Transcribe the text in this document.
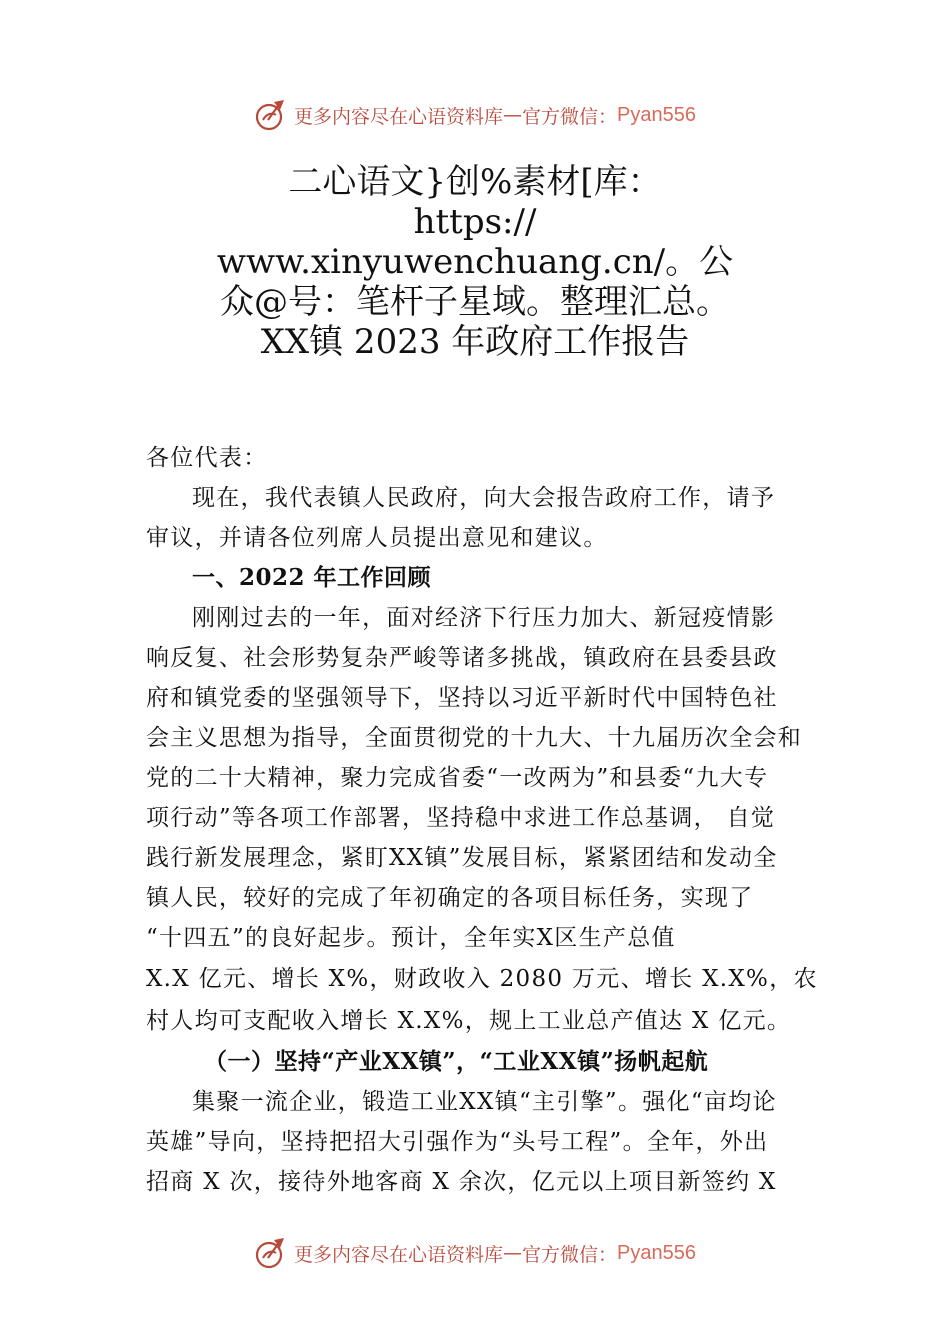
更多内容尽在心语资料库 — 官方微信： Pyan556
二心语文}创%素材[库：
https://
www.xinyuwenchuang.cn/。公
众@号：笔杆子星域。整理汇总。
XX镇 2023 年政府工作报告
各位代表：
现在，我代表镇人民政府，向大会报告政府工作，请予
审议，并请各位列席人员提出意见和建议。
一、2022 年工作回顾
刚刚过去的一年，面对经济下行压力加大、新冠疫情影
响反复、社会形势复杂严峻等诸多挑战，镇政府在县委县政
府和镇党委的坚强领导下，坚持以习近平新时代中国特色社
会主义思想为指导，全面贯彻党的十九大、十九届历次全会和
党的二十大精神，聚力完成省委“一改两为”和县委“九大专
项行动”等各项工作部署，坚持稳中求进工作总基调， 自觉
践行新发展理念，紧盯XX镇”发展目标，紧紧团结和发动全
镇人民，较好的完成了年初确定的各项目标任务，实现了
“十四五”的良好起步。预计，全年实X区生产总值
X.X 亿元、增长 X%，财政收入 2080 万元、增长 X.X%，农
村人均可支配收入增长 X.X%，规上工业总产值达 X 亿元。
（一）坚持“产业XX镇”，“工业XX镇”扬帆起航
集聚一流企业，锻造工业XX镇“主引擎”。强化“亩均论
英雄”导向，坚持把招大引强作为“头号工程”。全年，外出
招商 X 次，接待外地客商 X 余次，亿元以上项目新签约 X
更多内容尽在心语资料库 — 官方微信： Pyan556
